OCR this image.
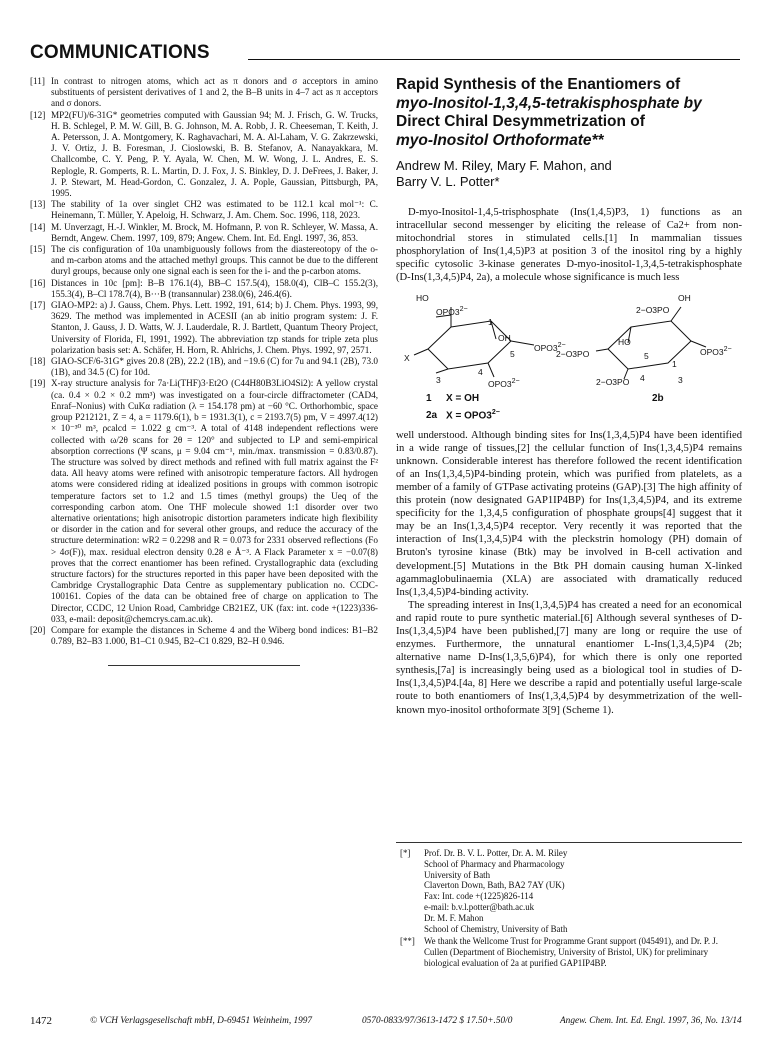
COMMUNICATIONS

[11] In contrast to nitrogen atoms, which act as π donors and σ acceptors in amino substituents of persistent derivatives of 1 and 2, the B–B units in 4–7 act as π acceptors and σ donors.

[12] MP2(FU)/6-31G* geometries computed with Gaussian 94; M. J. Frisch, G. W. Trucks, H. B. Schlegel, P. M. W. Gill, B. G. Johnson, M. A. Robb, J. R. Cheeseman, T. Keith, J. A. Petersson, J. A. Montgomery, K. Raghavachari, M. A. Al-Laham, V. G. Zakrzewski, J. V. Ortiz, J. B. Foresman, J. Cioslowski, B. B. Stefanov, A. Nanayakkara, M. Challcombe, C. Y. Peng, P. Y. Ayala, W. Chen, M. W. Wong, J. L. Andres, E. S. Replogle, R. Gomperts, R. L. Martin, D. J. Fox, J. S. Binkley, D. J. DeFrees, J. Baker, J. J. P. Stewart, M. Head-Gordon, C. Gonzalez, J. A. Pople, Gaussian, Pittsburgh, PA, 1995.

[13] The stability of 1a over singlet CH2 was estimated to be 112.1 kcal mol⁻¹: C. Heinemann, T. Müller, Y. Apeloig, H. Schwarz, J. Am. Chem. Soc. 1996, 118, 2023.

[14] M. Unverzagt, H.-J. Winkler, M. Brock, M. Hofmann, P. von R. Schleyer, W. Massa, A. Berndt, Angew. Chem. 1997, 109, 879; Angew. Chem. Int. Ed. Engl. 1997, 36, 853.

[15] The cis configuration of 10a unambiguously follows from the diastereotopy of the o- and m-carbon atoms and the attached methyl groups. This cannot be due to the different duryl groups, because only one signal each is seen for the i- and the p-carbon atoms.

[16] Distances in 10c [pm]: B–B 176.1(4), BB–C 157.5(4), 158.0(4), ClB–C 155.2(3), 155.3(4), B–Cl 178.7(4), B···B (transannular) 238.0(6), 246.4(6).

[17] GIAO-MP2: a) J. Gauss, Chem. Phys. Lett. 1992, 191, 614; b) J. Chem. Phys. 1993, 99, 3629. The method was implemented in ACESII (an ab initio program system: J. F. Stanton, J. Gauss, J. D. Watts, W. J. Lauderdale, R. J. Bartlett, Quantum Theory Project, University of Florida, Fl, 1991, 1992). The abbreviation tzp stands for triple zeta plus polarization basis set: A. Schäfer, H. Horn, R. Ahlrichs, J. Chem. Phys. 1992, 97, 2571.

[18] GIAO-SCF/6-31G* gives 20.8 (2B), 22.2 (1B), and −19.6 (C) for 7u and 94.1 (2B), 73.0 (1B), and 34.5 (C) for 10d.

[19] X-ray structure analysis for 7a·Li(THF)3·Et2O (C44H80B3LiO4Si2): A yellow crystal (ca. 0.4 × 0.2 × 0.2 mm³) was investigated on a four-circle diffractometer (CAD4, Enraf–Nonius) with CuKα radiation (λ = 154.178 pm) at −60 °C. Orthorhombic, space group P212121, Z = 4, a = 1179.6(1), b = 1931.3(1), c = 2193.7(5) pm, V = 4997.4(12) × 10⁻³⁰ m³, ρcalcd = 1.022 g cm⁻³. A total of 4148 independent reflections were collected with ω/2θ scans for 2θ = 120° and subjected to LP and semi-empirical absorption corrections (Ψ scans, μ = 9.04 cm⁻¹, min./max. transmission = 0.83/0.87). The structure was solved by direct methods and refined with full matrix against the F² data. All heavy atoms were refined with anisotropic temperature factors. All hydrogen atoms were considered riding at idealized positions in groups with common isotropic temperature factors set to 1.2 and 1.5 times (methyl groups) the Ueq of the corresponding carbon atom. One THF molecule showed 1:1 disorder over two alternative orientations; high anisotropic distortion parameters indicate high flexibility or disorder in the cation and for several other groups, and reduce the accuracy of the structure determination: wR2 = 0.2298 and R = 0.073 for 2331 observed reflections (Fo > 4σ(F)), max. residual electron density 0.28 e Å⁻³. A Flack Parameter x = −0.07(8) proves that the correct enantiomer has been refined. Crystallographic data (excluding structure factors) for the structures reported in this paper have been deposited with the Cambridge Crystallographic Data Centre as supplementary publication no. CCDC-100161. Copies of the data can be obtained free of charge on application to The Director, CCDC, 12 Union Road, Cambridge CB21EZ, UK (fax: int. code +(1223)336-033, e-mail: deposit@chemcrys.cam.ac.uk).

[20] Compare for example the distances in Scheme 4 and the Wiberg bond indices: B1–B2 0.789, B2–B3 1.000, B1–C1 0.945, B2–C1 0.829, B2–H 0.946.

Rapid Synthesis of the Enantiomers of
myo-Inositol-1,3,4,5-tetrakisphosphate by
Direct Chiral Desymmetrization of
myo-Inositol Orthoformate**
Andrew M. Riley, Mary F. Mahon, and
Barry V. L. Potter*

D-myo-Inositol-1,4,5-trisphosphate (Ins(1,4,5)P3, 1) functions as an intracellular second messenger by eliciting the release of Ca2+ from non-mitochondrial stores in stimulated cells.[1] In mammalian tissues phosphorylation of Ins(1,4,5)P3 at position 3 of the inositol ring by a highly specific cytosolic 3-kinase generates D-myo-inositol-1,3,4,5-tetrakisphosphate (D-Ins(1,3,4,5)P4, 2a), a molecule whose significance is much less

HO
$OPO3^{2-}$
OH
X
$OPO3^{2-}$
1
3
4
5
$OPO3^{2-}$
OH
2−O3PO
HO
$OPO3^{2-}$
2−O3PO
2−O3PO
1
3
4
5
1 X = OH
2a $X = OPO3^{2-}$
2b

well understood. Although binding sites for Ins(1,3,4,5)P4 have been identified in a wide range of tissues,[2] the cellular function of Ins(1,3,4,5)P4 remains unknown. Considerable interest has therefore followed the recent identification of an Ins(1,3,4,5)P4-binding protein, which was purified from platelets, as a member of a family of GTPase activating proteins (GAP).[3] The high affinity of this protein (now designated GAP1IP4BP) for Ins(1,3,4,5)P4, and its extreme specificity for the 1,3,4,5 configuration of phosphate groups[4] suggest that it may be an Ins(1,3,4,5)P4 receptor. Very recently it was reported that the interaction of Ins(1,3,4,5)P4 with the pleckstrin homology (PH) domain of Bruton's tyrosine kinase (Btk) may be involved in B-cell activation and development.[5] Mutations in the Btk PH domain causing human X-linked agammaglobulinaemia (XLA) are associated with dramatically reduced Ins(1,3,4,5)P4-binding activity.

The spreading interest in Ins(1,3,4,5)P4 has created a need for an economical and rapid route to pure synthetic material.[6] Although several syntheses of D-Ins(1,3,4,5)P4 have been published,[7] many are long or require the use of enzymes. Furthermore, the unnatural enantiomer L-Ins(1,3,4,5)P4 (2b; alternative name D-Ins(1,3,5,6)P4), for which there is only one reported synthesis,[7a] is increasingly being used as a biological tool in studies of D-Ins(1,3,4,5)P4.[4a, 8] Here we describe a rapid and potentially useful large-scale route to both enantiomers of Ins(1,3,4,5)P4 by desymmetrization of the well-known myo-inositol orthoformate 3[9] (Scheme 1).

[*] Prof. Dr. B. V. L. Potter, Dr. A. M. Riley
School of Pharmacy and Pharmacology
University of Bath
Claverton Down, Bath, BA2 7AY (UK)
Fax: Int. code +(1225)826-114
e-mail: b.v.l.potter@bath.ac.uk
Dr. M. F. Mahon
School of Chemistry, University of Bath
[**] We thank the Wellcome Trust for Programme Grant support (045491), and Dr. P. J. Cullen (Department of Biochemistry, University of Bristol, UK) for preliminary biological evaluation of 2a at purified GAP1IP4BP.
1472	© VCH Verlagsgesellschaft mbH, D-69451 Weinheim, 1997	0570-0833/97/3613-1472 $ 17.50+.50/0	Angew. Chem. Int. Ed. Engl. 1997, 36, No. 13/14
